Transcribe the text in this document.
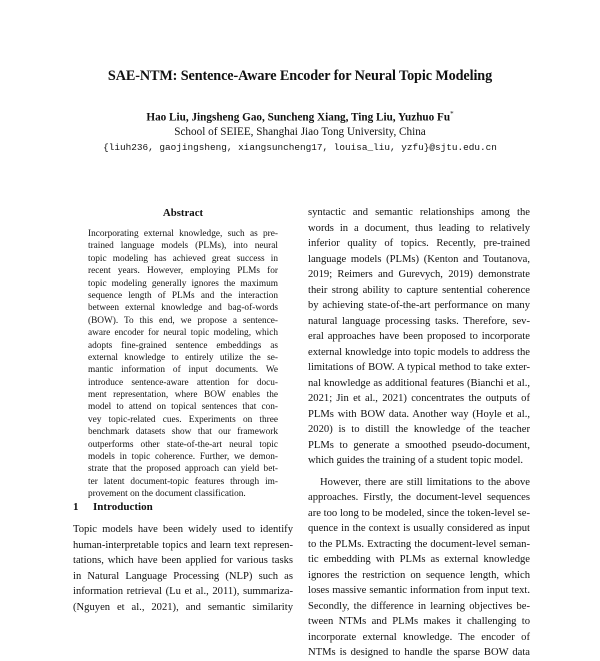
SAE-NTM: Sentence-Aware Encoder for Neural Topic Modeling
Hao Liu, Jingsheng Gao, Suncheng Xiang, Ting Liu, Yuzhuo Fu*
School of SEIEE, Shanghai Jiao Tong University, China
{liuh236, gaojingsheng, xiangsuncheng17, louisa_liu, yzfu}@sjtu.edu.cn
Abstract
Incorporating external knowledge, such as pre-
trained language models (PLMs), into neural
topic modeling has achieved great success in
recent years. However, employing PLMs for
topic modeling generally ignores the maximum
sequence length of PLMs and the interaction
between external knowledge and bag-of-words
(BOW). To this end, we propose a sentence-
aware encoder for neural topic modeling, which
adopts fine-grained sentence embeddings as
external knowledge to entirely utilize the se-
mantic information of input documents. We
introduce sentence-aware attention for docu-
ment representation, where BOW enables the
model to attend on topical sentences that con-
vey topic-related cues. Experiments on three
benchmark datasets show that our framework
outperforms other state-of-the-art neural topic
models in topic coherence. Further, we demon-
strate that the proposed approach can yield bet-
ter latent document-topic features through im-
provement on the document classification.
1 Introduction
Topic models have been widely used to identify
human-interpretable topics and learn text represen-
tations, which have been applied for various tasks
in Natural Language Processing (NLP) such as
information retrieval (Lu et al., 2011), summariza-
(Nguyen et al., 2021), and semantic similarity
syntactic and semantic relationships among the
words in a document, thus leading to relatively
inferior quality of topics. Recently, pre-trained
language models (PLMs) (Kenton and Toutanova,
2019; Reimers and Gurevych, 2019) demonstrate
their strong ability to capture sentential coherence
by achieving state-of-the-art performance on many
natural language processing tasks. Therefore, sev-
eral approaches have been proposed to incorporate
external knowledge into topic models to address the
limitations of BOW. A typical method to take exter-
nal knowledge as additional features (Bianchi et al.,
2021; Jin et al., 2021) concentrates the outputs of
PLMs with BOW data. Another way (Hoyle et al.,
2020) is to distill the knowledge of the teacher
PLMs to generate a smoothed pseudo-document,
which guides the training of a student topic model.
However, there are still limitations to the above
approaches. Firstly, the document-level sequences
are too long to be modeled, since the token-level se-
quence in the context is usually considered as input
to the PLMs. Extracting the document-level seman-
tic embedding with PLMs as external knowledge
ignores the restriction on sequence length, which
loses massive semantic information from input text.
Secondly, the difference in learning objectives be-
tween NTMs and PLMs makes it challenging to
incorporate external knowledge. The encoder of
NTMs is designed to handle the sparse BOW data
